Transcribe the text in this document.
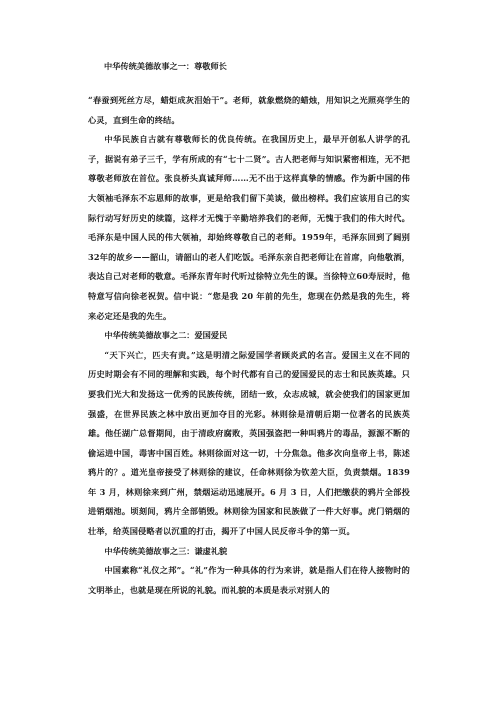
中华传统美德故事之一：尊敬师长

“春蚕到死丝方尽，蜡炬成灰泪始干”。老师，就象燃烧的蜡烛，用知识之光照亮学生的心灵，直到生命的终结。

中华民族自古就有尊敬师长的优良传统。在我国历史上，最早开创私人讲学的孔子，据说有弟子三千，学有所成的有“七十二贤”。古人把老师与知识紧密相连，无不把尊敬老师放在首位。张良桥头真诚拜师……无不出于这样真挚的情感。作为新中国的伟大领袖毛泽东不忘恩师的故事，更是给我们留下美谈，做出榜样。我们应该用自己的实际行动写好历史的续篇，这样才无愧于辛勤培养我们的老师，无愧于我们的伟大时代。毛泽东是中国人民的伟大领袖，却始终尊敬自己的老师。1959年，毛泽东回到了阔别32年的故乡——韶山，请韶山的老人们吃饭。毛泽东亲自把老师让在首席，向他敬酒，表达自己对老师的敬意。毛泽东青年时代听过徐特立先生的课。当徐特立60寿辰时，他特意写信向徐老祝贺。信中说：“您是我 20 年前的先生，您现在仍然是我的先生，将来必定还是我的先生。

中华传统美德故事之二：爱国爱民

“天下兴亡，匹夫有责。”这是明清之际爱国学者顾炎武的名言。爱国主义在不同的历史时期会有不同的理解和实践，每个时代都有自己的爱国爱民的志士和民族英雄。只要我们光大和发扬这一优秀的民族传统，团结一致，众志成城，就会使我们的国家更加强盛，在世界民族之林中放出更加夺目的光彩。林则徐是清朝后期一位著名的民族英雄。他任湖广总督期间，由于清政府腐败，英国强盗把一种叫鸦片的毒品，源源不断的偷运进中国，毒害中国百姓。林则徐面对这一切，十分焦急。他多次向皇帝上书，陈述鸦片的？。道光皇帝接受了林则徐的建议，任命林则徐为钦差大臣，负责禁烟。1839 年 3 月，林则徐来到广州，禁烟运动迅速展开。6 月 3 日，人们把缴获的鸦片全部投进销烟池。顷刻间，鸦片全部销毁。林则徐为国家和民族做了一件大好事。虎门销烟的壮举，给英国侵略者以沉重的打击，揭开了中国人民反帝斗争的第一页。

中华传统美德故事之三：谦虚礼貌

中国素称“礼仪之邦”。“礼”作为一种具体的行为来讲，就是指人们在待人接物时的文明举止，也就是现在所说的礼貌。而礼貌的本质是表示对别人的
